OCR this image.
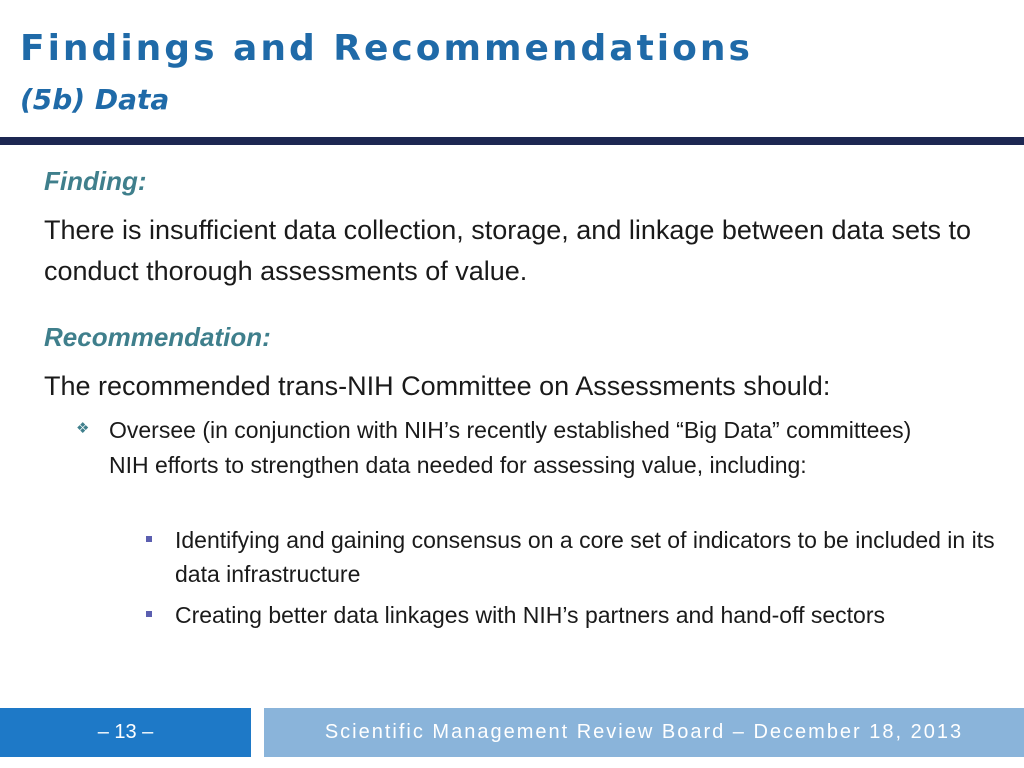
Findings and Recommendations
(5b) Data
Finding:
There is insufficient data collection, storage, and linkage between data sets to conduct thorough assessments of value.
Recommendation:
The recommended trans-NIH Committee on Assessments should:
❖ Oversee (in conjunction with NIH’s recently established “Big Data” committees) NIH efforts to strengthen data needed for assessing value, including:
Identifying and gaining consensus on a core set of indicators to be included in its data infrastructure
Creating better data linkages with NIH’s partners and hand-off sectors
– 13 –	Scientific Management Review Board – December 18, 2013
